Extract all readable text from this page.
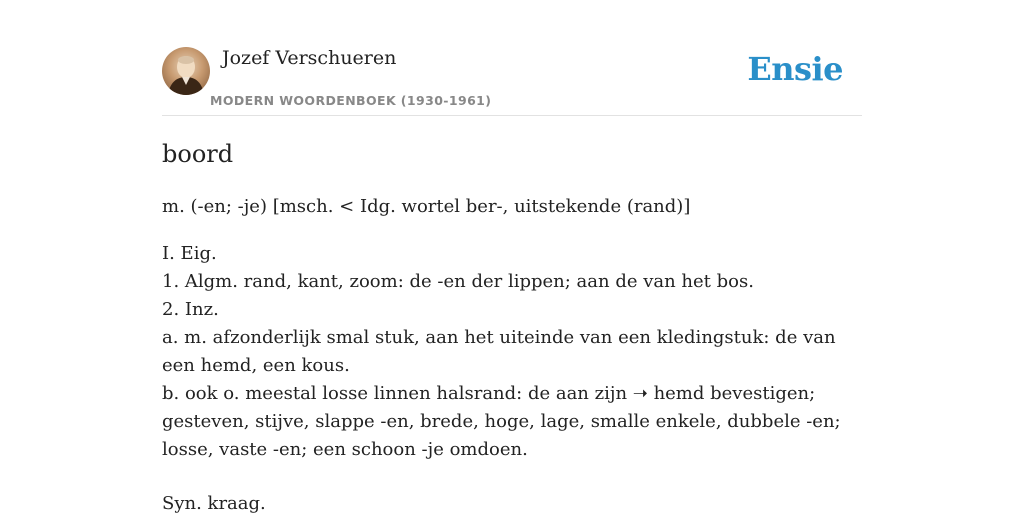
Jozef Verschueren
MODERN WOORDENBOEK (1930-1961)
Ensie
boord
m. (-en; -je) [msch. < Idg. wortel ber-, uitstekende (rand)]

I. Eig.

1. Algm. rand, kant, zoom: de -en der lippen; aan de van het bos.

2. Inz.

a. m. afzonderlijk smal stuk, aan het uiteinde van een kledingstuk: de van een hemd, een kous.

b. ook o. meestal losse linnen halsrand: de aan zijn ➝ hemd bevestigen; gesteven, stijve, slappe -en, brede, hoge, lage, smalle enkele, dubbele -en; losse, vaste -en; een schoon -je omdoen.

Syn. kraag.
